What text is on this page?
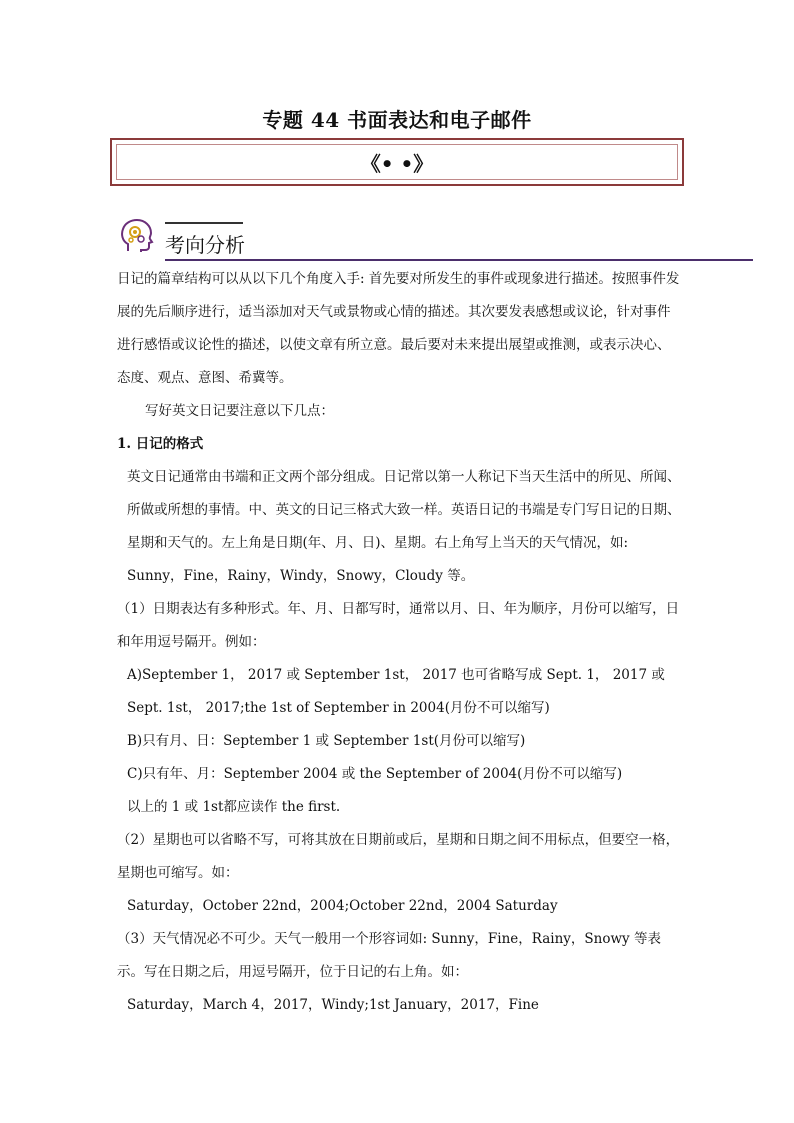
专题 44 书面表达和电子邮件
《• •》
考向分析

日记的篇章结构可以从以下几个角度入手: 首先要对所发生的事件或现象进行描述。按照事件发展的先后顺序进行，适当添加对天气或景物或心情的描述。其次要发表感想或议论，针对事件进行感悟或议论性的描述，以使文章有所立意。最后要对未来提出展望或推测，或表示决心、态度、观点、意图、希冀等。

写好英文日记要注意以下几点：

1. 日记的格式

英文日记通常由书端和正文两个部分组成。日记常以第一人称记下当天生活中的所见、所闻、所做或所想的事情。中、英文的日记三格式大致一样。英语日记的书端是专门写日记的日期、星期和天气的。左上角是日期(年、月、日)、星期。右上角写上当天的天气情况，如: Sunny，Fine，Rainy，Windy，Snowy，Cloudy 等。

（1）日期表达有多种形式。年、月、日都写时，通常以月、日、年为顺序，月份可以缩写，日和年用逗号隔开。例如：

A)September 1， 2017 或 September 1st， 2017 也可省略写成 Sept. 1， 2017 或 Sept. 1st， 2017;the 1st of September in 2004(月份不可以缩写)

B)只有月、日：September 1 或 September 1st(月份可以缩写)

C)只有年、月：September 2004 或 the September of 2004(月份不可以缩写)

以上的 1 或 1st都应读作 the first.

（2）星期也可以省略不写，可将其放在日期前或后，星期和日期之间不用标点，但要空一格，星期也可缩写。如：

Saturday，October 22nd，2004;October 22nd，2004 Saturday

（3）天气情况必不可少。天气一般用一个形容词如: Sunny，Fine，Rainy，Snowy 等表示。写在日期之后，用逗号隔开，位于日记的右上角。如：

Saturday，March 4，2017，Windy;1st January，2017，Fine
